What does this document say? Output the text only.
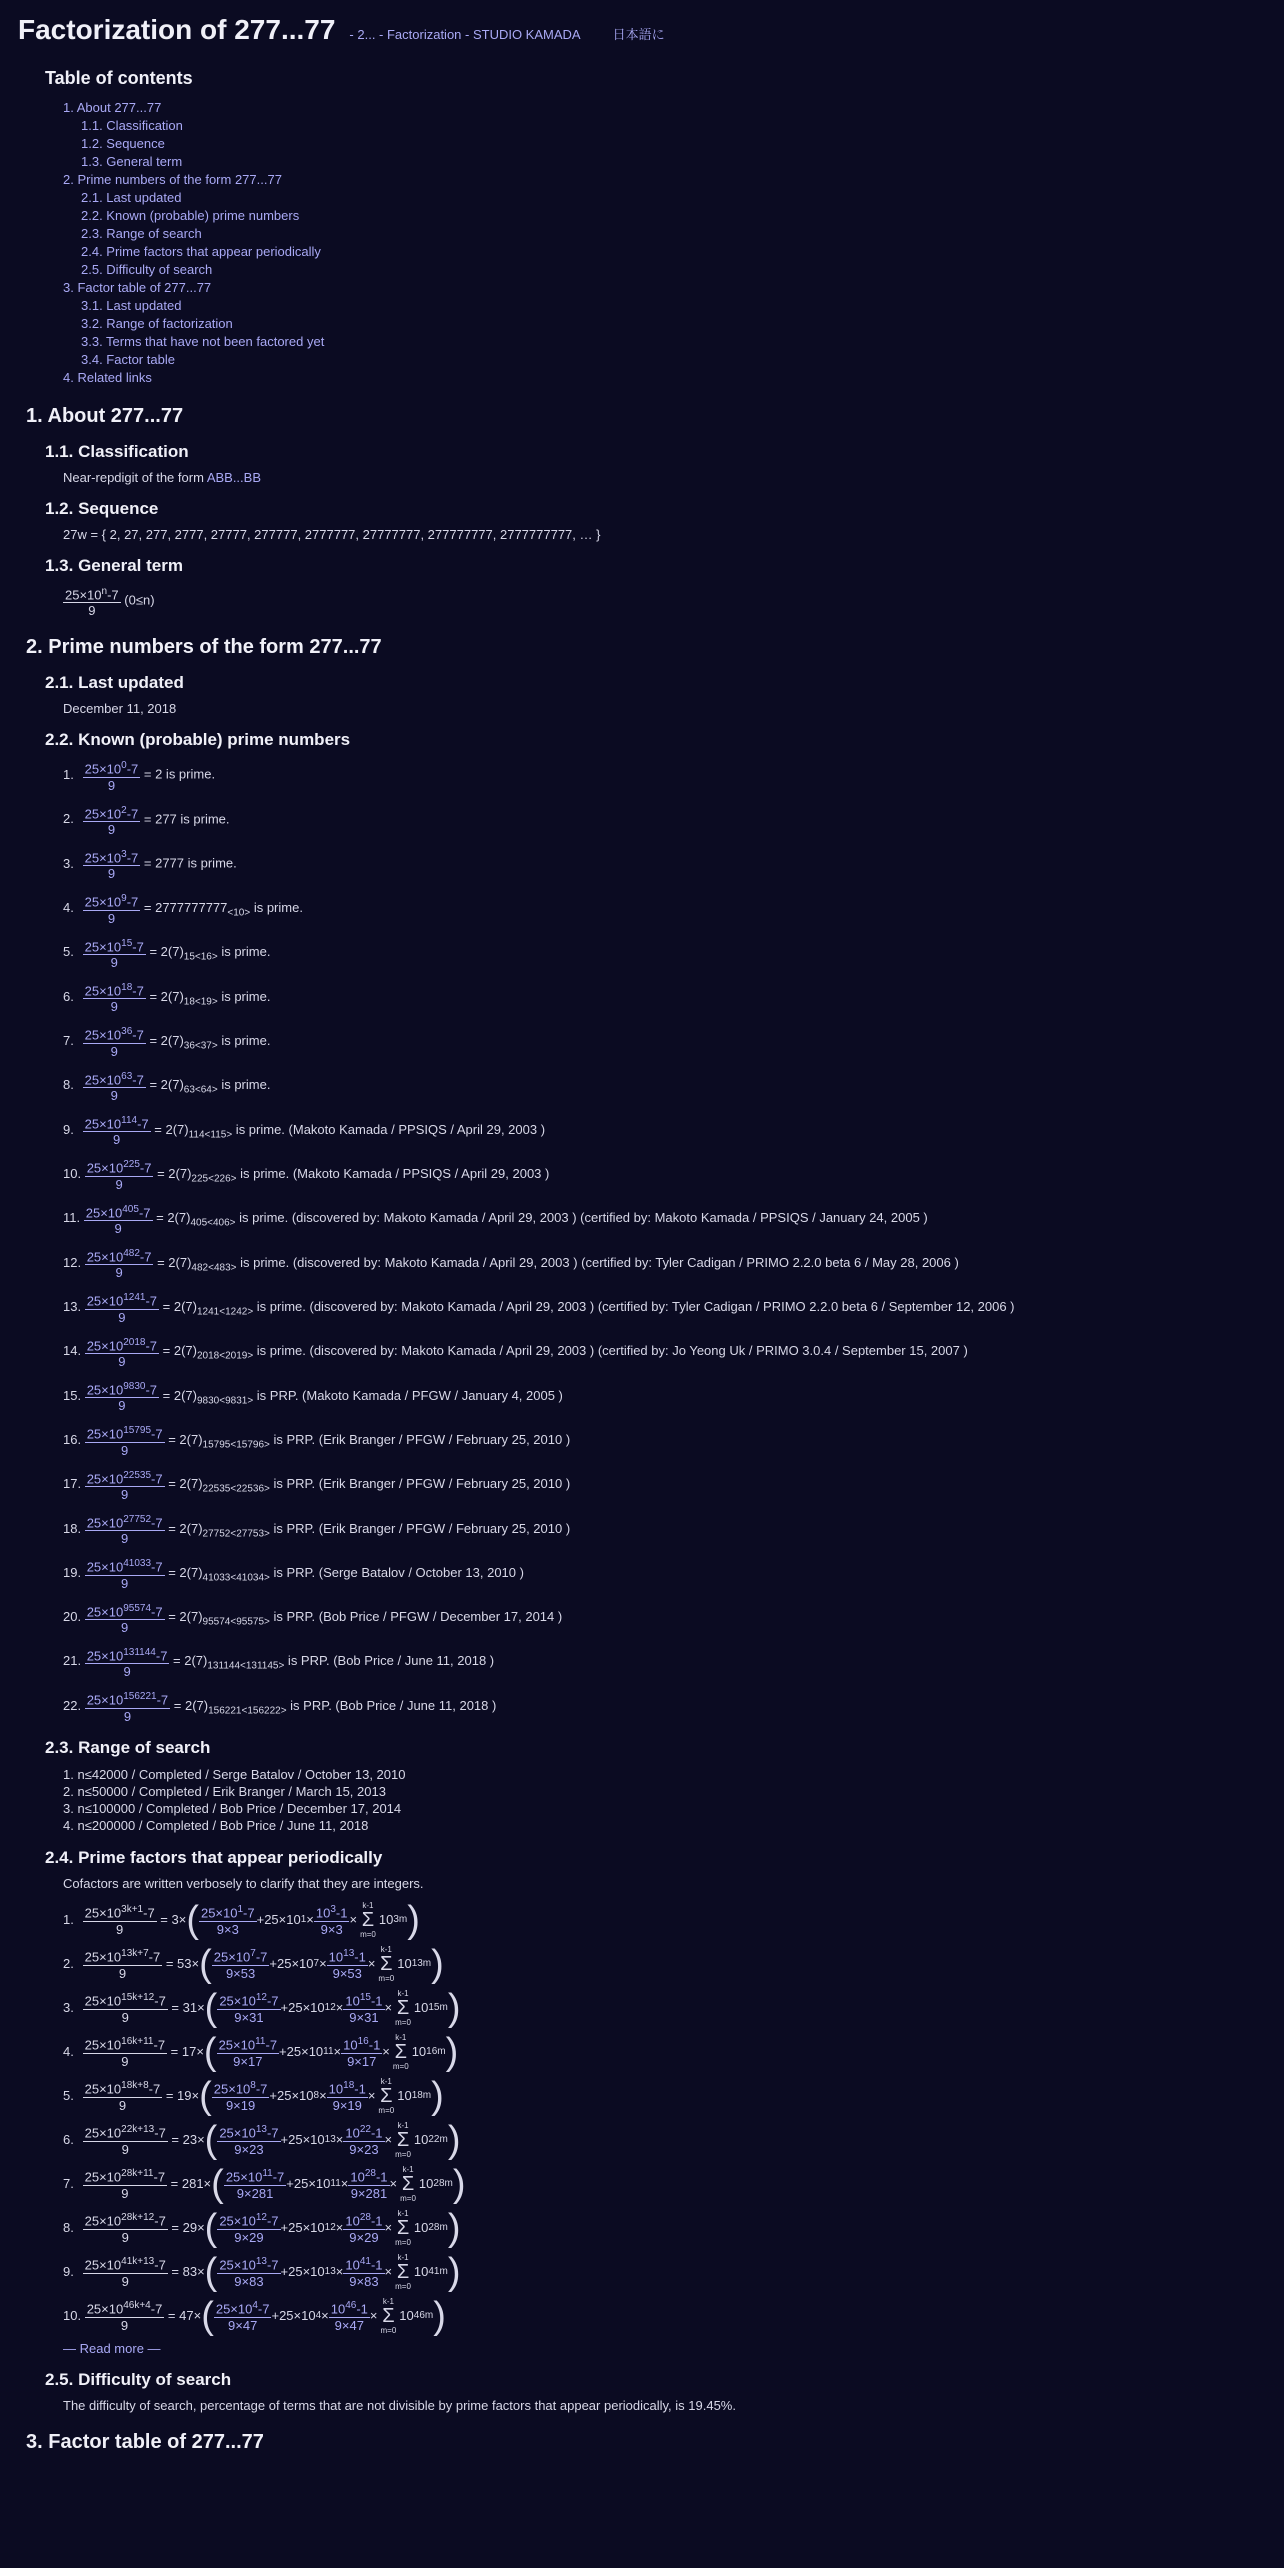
Factorization of 277...77 - 2... - Factorization - STUDIO KAMADA 日本語に
Table of contents
1. About 277...77
1.1. Classification
1.2. Sequence
1.3. General term
2. Prime numbers of the form 277...77
2.1. Last updated
2.2. Known (probable) prime numbers
2.3. Range of search
2.4. Prime factors that appear periodically
2.5. Difficulty of search
3. Factor table of 277...77
3.1. Last updated
3.2. Range of factorization
3.3. Terms that have not been factored yet
3.4. Factor table
4. Related links
1. About 277...77
1.1. Classification
Near-repdigit of the form ABB...BB
1.2. Sequence
27w = { 2, 27, 277, 2777, 27777, 277777, 2777777, 27777777, 277777777, 2777777777, … }
1.3. General term
$\frac{25\times 10^n-7}{9} (0\le n)$
2. Prime numbers of the form 277...77
2.1. Last updated
December 11, 2018
2.2. Known (probable) prime numbers
1. $\frac{25\times 10^0-7}{9} = 2$ is prime.
2. $\frac{25\times 10^2-7}{9} = 277$ is prime.
3. $\frac{25\times 10^3-7}{9} = 2777$ is prime.
4. $\frac{25\times 10^9-7}{9} = 2777777777_{<10>}$ is prime.
5. $\frac{25\times 10^{15}-7}{9} = 2(7)_{15<16>}$ is prime.
6. $\frac{25\times 10^{18}-7}{9} = 2(7)_{18<19>}$ is prime.
7. $\frac{25\times 10^{36}-7}{9} = 2(7)_{36<37>}$ is prime.
8. $\frac{25\times 10^{63}-7}{9} = 2(7)_{63<64>}$ is prime.
9. $\frac{25\times 10^{114}-7}{9} = 2(7)_{114<115>}$ is prime. (Makoto Kamada / PPSIQS / April 29, 2003 )
10. $\frac{25\times 10^{225}-7}{9} = 2(7)_{225<226>}$ is prime. (Makoto Kamada / PPSIQS / April 29, 2003 )
11. $\frac{25\times 10^{405}-7}{9} = 2(7)_{405<406>}$ is prime. (discovered by: Makoto Kamada / April 29, 2003 ) (certified by: Makoto Kamada / PPSIQS / January 24, 2005 )
12. $\frac{25\times 10^{482}-7}{9} = 2(7)_{482<483>}$ is prime. (discovered by: Makoto Kamada / April 29, 2003 ) (certified by: Tyler Cadigan / PRIMO 2.2.0 beta 6 / May 28, 2006 )
13. $\frac{25\times 10^{1241}-7}{9} = 2(7)_{1241<1242>}$ is prime. (discovered by: Makoto Kamada / April 29, 2003 ) (certified by: Tyler Cadigan / PRIMO 2.2.0 beta 6 / September 12, 2006 )
14. $\frac{25\times 10^{2018}-7}{9} = 2(7)_{2018<2019>}$ is prime. (discovered by: Makoto Kamada / April 29, 2003 ) (certified by: Jo Yeong Uk / PRIMO 3.0.4 / September 15, 2007 )
15. $\frac{25\times 10^{9830}-7}{9} = 2(7)_{9830<9831>}$ is PRP. (Makoto Kamada / PFGW / January 4, 2005 )
16. $\frac{25\times 10^{15795}-7}{9} = 2(7)_{15795<15796>}$ is PRP. (Erik Branger / PFGW / February 25, 2010 )
17. $\frac{25\times 10^{22535}-7}{9} = 2(7)_{22535<22536>}$ is PRP. (Erik Branger / PFGW / February 25, 2010 )
18. $\frac{25\times 10^{27752}-7}{9} = 2(7)_{27752<27753>}$ is PRP. (Erik Branger / PFGW / February 25, 2010 )
19. $\frac{25\times 10^{41033}-7}{9} = 2(7)_{41033<41034>}$ is PRP. (Serge Batalov / October 13, 2010 )
20. $\frac{25\times 10^{95574}-7}{9} = 2(7)_{95574<95575>}$ is PRP. (Bob Price / PFGW / December 17, 2014 )
21. $\frac{25\times 10^{131144}-7}{9} = 2(7)_{131144<131145>}$ is PRP. (Bob Price / June 11, 2018 )
22. $\frac{25\times 10^{156221}-7}{9} = 2(7)_{156221<156222>}$ is PRP. (Bob Price / June 11, 2018 )
2.3. Range of search
1. n≤42000 / Completed / Serge Batalov / October 13, 2010
2. n≤50000 / Completed / Erik Branger / March 15, 2013
3. n≤100000 / Completed / Bob Price / December 17, 2014
4. n≤200000 / Completed / Bob Price / June 11, 2018
2.4. Prime factors that appear periodically
Cofactors are written verbosely to clarify that they are integers.
1.
$\frac{25\times 10^{3k+1}-7}{9} = 3\times$ ( $\frac{25\times 10^1-7}{9\times 3} +25\times 10$ $1 \times \frac{10^3-1}{9\times 3}$ ×
k-1
Σ
m=0
10 3m )
2.
$\frac{25\times 10^{13k+7}-7}{9} = 53\times$ ( $\frac{25\times 10^7-7}{9\times 53} +25\times 10$ $7 \times \frac{10^{13}-1}{9\times 53}$ ×
k-1
Σ
m=0
10 13m )
3.
$\frac{25\times 10^{15k+12}-7}{9} = 31\times$ ( $\frac{25\times 10^{12}-7}{9\times 31} +25\times 10$ $12 \times \frac{10^{15}-1}{9\times 31}$ ×
k-1
Σ
m=0
10 15m )
4.
$\frac{25\times 10^{16k+11}-7}{9} = 17\times$ ( $\frac{25\times 10^{11}-7}{9\times 17} +25\times 10$ $11 \times \frac{10^{16}-1}{9\times 17}$ ×
k-1
Σ
m=0
10 16m )
5.
$\frac{25\times 10^{18k+8}-7}{9} = 19\times$ ( $\frac{25\times 10^8-7}{9\times 19} +25\times 10$ $8 \times \frac{10^{18}-1}{9\times 19}$ ×
k-1
Σ
m=0
10 18m )
6.
$\frac{25\times 10^{22k+13}-7}{9} = 23\times$ ( $\frac{25\times 10^{13}-7}{9\times 23} +25\times 10$ $13 \times \frac{10^{22}-1}{9\times 23}$ ×
k-1
Σ
m=0
10 22m )
7.
$\frac{25\times 10^{28k+11}-7}{9} = 281\times$ ( $\frac{25\times 10^{11}-7}{9\times 281} +25\times 10$ $11 \times \frac{10^{28}-1}{9\times 281}$ ×
k-1
Σ
m=0
10 28m )
8.
$\frac{25\times 10^{28k+12}-7}{9} = 29\times$ ( $\frac{25\times 10^{12}-7}{9\times 29} +25\times 10$ $12 \times \frac{10^{28}-1}{9\times 29}$ ×
k-1
Σ
m=0
10 28m )
9.
$\frac{25\times 10^{41k+13}-7}{9} = 83\times$ ( $\frac{25\times 10^{13}-7}{9\times 83} +25\times 10$ $13 \times \frac{10^{41}-1}{9\times 83}$ ×
k-1
Σ
m=0
10 41m )
10.
$\frac{25\times 10^{46k+4}-7}{9} = 47\times$ ( $\frac{25\times 10^4-7}{9\times 47} +25\times 10$ $4 \times \frac{10^{46}-1}{9\times 47}$ ×
k-1
Σ
m=0
10 46m )
— Read more —
2.5. Difficulty of search
The difficulty of search, percentage of terms that are not divisible by prime factors that appear periodically, is 19.45%.
3. Factor table of 277...77
